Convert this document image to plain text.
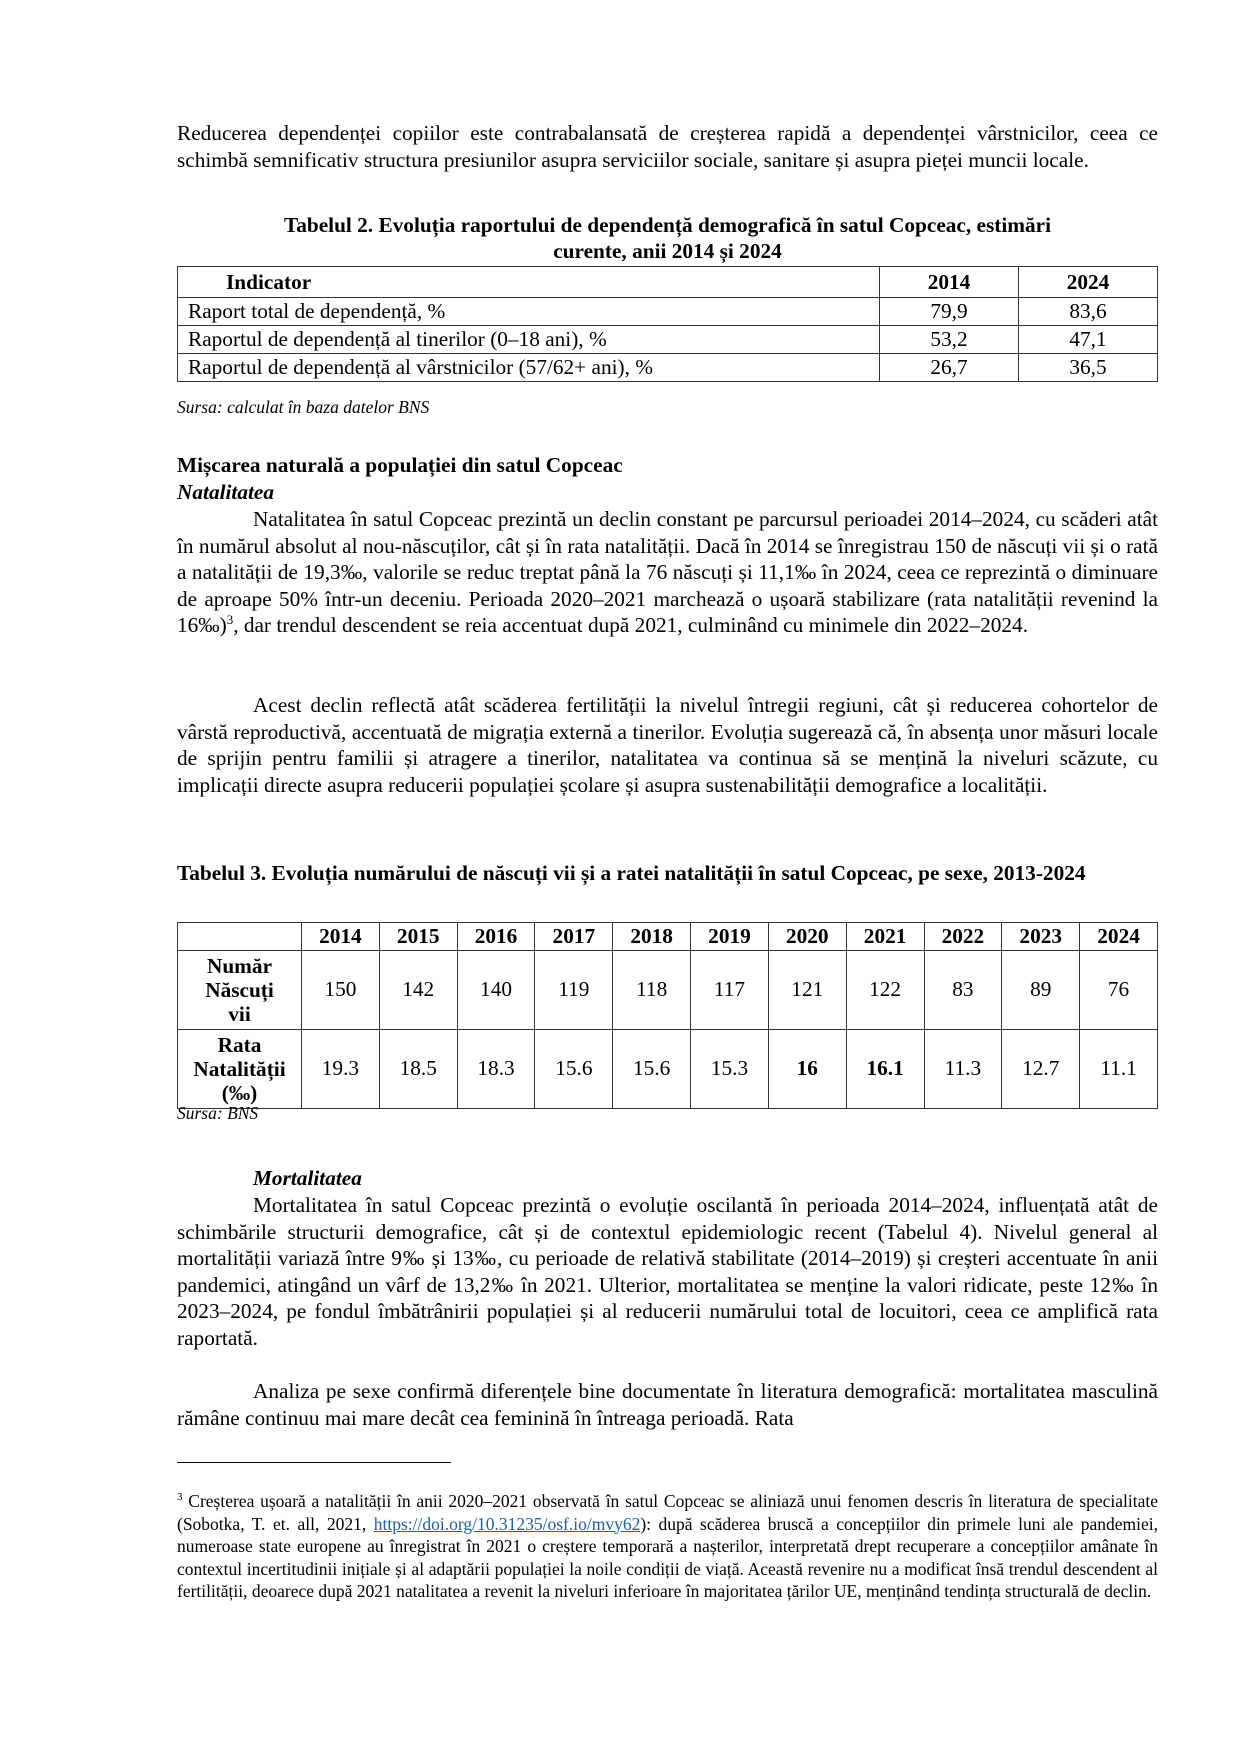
Reducerea dependenței copiilor este contrabalansată de creșterea rapidă a dependenței vârstnicilor, ceea ce schimbă semnificativ structura presiunilor asupra serviciilor sociale, sanitare și asupra pieței muncii locale.

Tabelul 2. Evoluția raportului de dependență demografică în satul Copceac, estimări
curente, anii 2014 și 2024
Indicator	2014	2024
Raport total de dependență, %	79,9	83,6
Raportul de dependență al tinerilor (0–18 ani), %	53,2	47,1
Raportul de dependență al vârstnicilor (57/62+ ani), %	26,7	36,5
Sursa: calculat în baza datelor BNS
Mișcarea naturală a populației din satul Copceac
Natalitatea

Natalitatea în satul Copceac prezintă un declin constant pe parcursul perioadei 2014–2024, cu scăderi atât în numărul absolut al nou-născuților, cât și în rata natalității. Dacă în 2014 se înregistrau 150 de născuți vii și o rată a natalității de 19,3‰, valorile se reduc treptat până la 76 născuți și 11,1‰ în 2024, ceea ce reprezintă o diminuare de aproape 50% într-un deceniu. Perioada 2020–2021 marchează o ușoară stabilizare (rata natalității revenind la 16‰)$^3$, dar trendul descendent se reia accentuat după 2021, culminând cu minimele din 2022–2024.

Acest declin reflectă atât scăderea fertilității la nivelul întregii regiuni, cât și reducerea cohortelor de vârstă reproductivă, accentuată de migrația externă a tinerilor. Evoluția sugerează că, în absența unor măsuri locale de sprijin pentru familii și atragere a tinerilor, natalitatea va continua să se mențină la niveluri scăzute, cu implicații directe asupra reducerii populației școlare și asupra sustenabilității demografice a localității.

Tabelul 3. Evoluția numărului de născuți vii și a ratei natalității în satul Copceac, pe sexe, 2013-2024
	2014	2015	2016	2017	2018	2019	2020	2021	2022	2023	2024

Număr
Născuți
vii	150	142	140	119	118	117	121	122	83	89	76

Rata
Natalității
(‰)	19.3	18.5	18.3	15.6	15.6	15.3	16	16.1	11.3	12.7	11.1
Sursa: BNS
Mortalitatea

Mortalitatea în satul Copceac prezintă o evoluție oscilantă în perioada 2014–2024, influențată atât de schimbările structurii demografice, cât și de contextul epidemiologic recent (Tabelul 4). Nivelul general al mortalității variază între 9‰ și 13‰, cu perioade de relativă stabilitate (2014–2019) și creșteri accentuate în anii pandemici, atingând un vârf de 13,2‰ în 2021. Ulterior, mortalitatea se menține la valori ridicate, peste 12‰ în 2023–2024, pe fondul îmbătrânirii populației și al reducerii numărului total de locuitori, ceea ce amplifică rata raportată.

Analiza pe sexe confirmă diferențele bine documentate în literatura demografică: mortalitatea masculină rămâne continuu mai mare decât cea feminină în întreaga perioadă. Rata

$^3$ Creșterea ușoară a natalității în anii 2020–2021 observată în satul Copceac se aliniază unui fenomen descris în literatura de specialitate (Sobotka, T. et. all, 2021, https://doi.org/10.31235/osf.io/mvy62): după scăderea bruscă a concepțiilor din primele luni ale pandemiei, numeroase state europene au înregistrat în 2021 o creștere temporară a nașterilor, interpretată drept recuperare a concepțiilor amânate în contextul incertitudinii inițiale și al adaptării populației la noile condiții de viață. Această revenire nu a modificat însă trendul descendent al fertilității, deoarece după 2021 natalitatea a revenit la niveluri inferioare în majoritatea țărilor UE, menținând tendința structurală de declin.
